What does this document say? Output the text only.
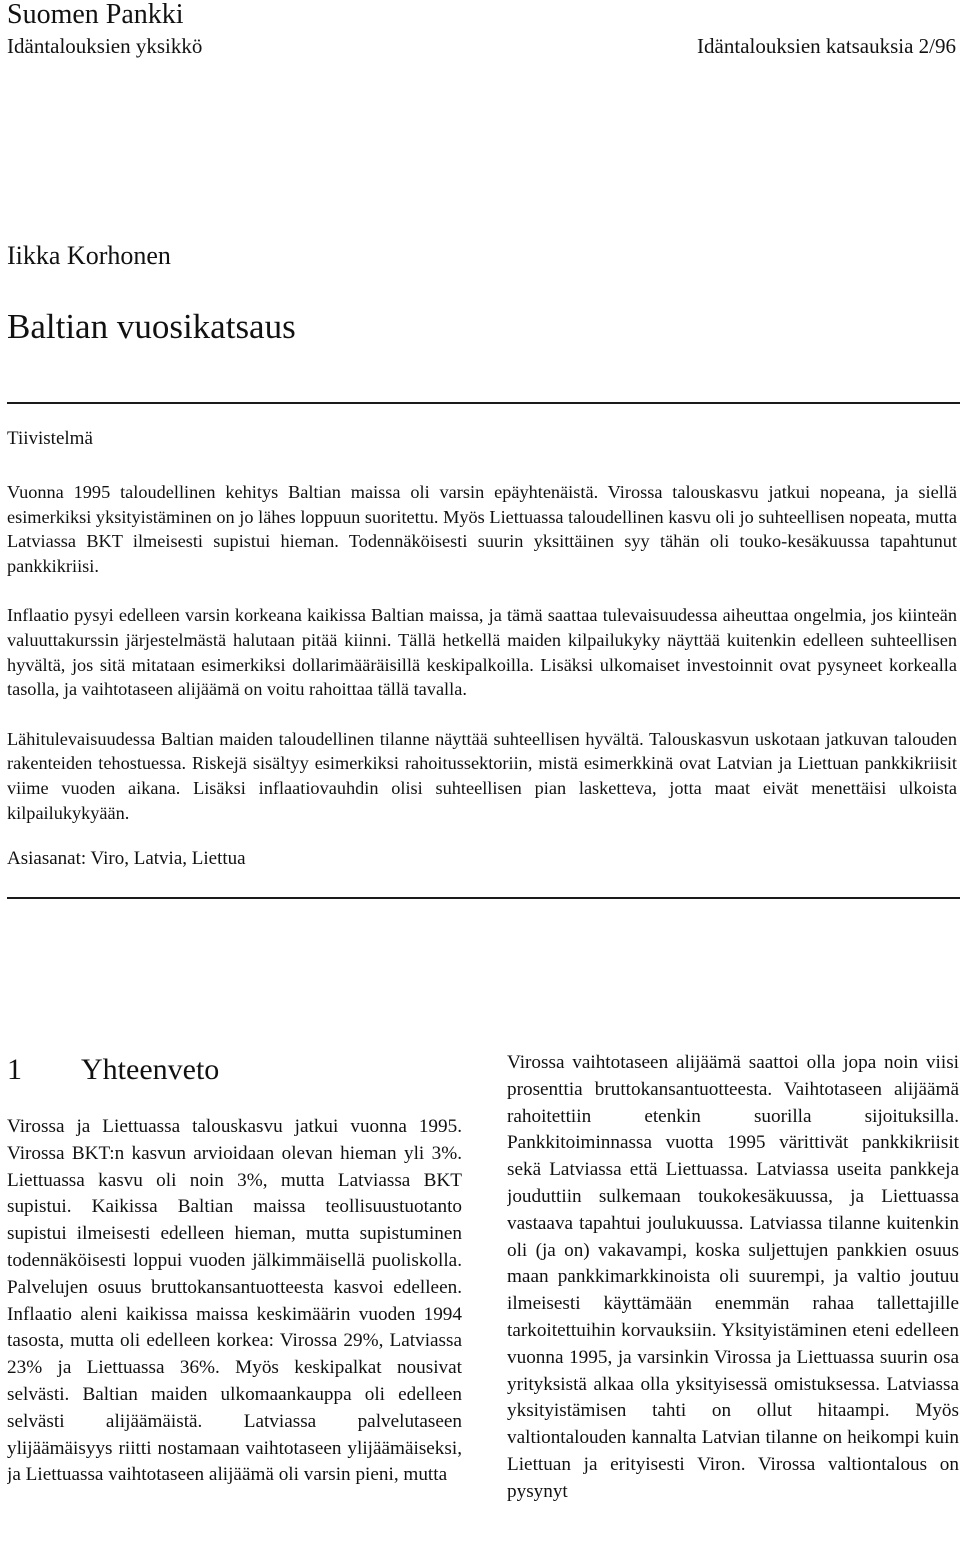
Suomen Pankki
Idäntalouksien yksikkö	Idäntalouksien katsauksia 2/96
Iikka Korhonen
Baltian vuosikatsaus
Tiivistelmä

Vuonna 1995 taloudellinen kehitys Baltian maissa oli varsin epäyhtenäistä. Virossa talouskasvu jatkui nopeana, ja siellä esimerkiksi yksityistäminen on jo lähes loppuun suoritettu. Myös Liettuassa taloudellinen kasvu oli jo suhteellisen nopeata, mutta Latviassa BKT ilmeisesti supistui hieman. Todennäköisesti suurin yksittäinen syy tähän oli touko-kesäkuussa tapahtunut pankkikriisi.

Inflaatio pysyi edelleen varsin korkeana kaikissa Baltian maissa, ja tämä saattaa tulevaisuudessa aiheuttaa ongelmia, jos kiinteän valuuttakurssin järjestelmästä halutaan pitää kiinni. Tällä hetkellä maiden kilpailukyky näyttää kuitenkin edelleen suhteellisen hyvältä, jos sitä mitataan esimerkiksi dollarimääräisillä keskipalkoilla. Lisäksi ulkomaiset investoinnit ovat pysyneet korkealla tasolla, ja vaihtotaseen alijäämä on voitu rahoittaa tällä tavalla.

Lähitulevaisuudessa Baltian maiden taloudellinen tilanne näyttää suhteellisen hyvältä. Talouskasvun uskotaan jatkuvan talouden rakenteiden tehostuessa. Riskejä sisältyy esimerkiksi rahoitussektoriin, mistä esimerkkinä ovat Latvian ja Liettuan pankkikriisit viime vuoden aikana. Lisäksi inflaatiovauhdin olisi suhteellisen pian lasketteva, jotta maat eivät menettäisi ulkoista kilpailukykyään.

Asiasanat: Viro, Latvia, Liettua
1 Yhteenveto

Virossa ja Liettuassa talouskasvu jatkui vuonna 1995. Virossa BKT:n kasvun arvioidaan olevan hieman yli 3%. Liettuassa kasvu oli noin 3%, mutta Latviassa BKT supistui. Kaikissa Baltian maissa teollisuustuotanto supistui ilmeisesti edelleen hieman, mutta supistuminen todennäköisesti loppui vuoden jälkimmäisellä puoliskolla. Palvelujen osuus bruttokansantuotteesta kasvoi edelleen. Inflaatio aleni kaikissa maissa keskimäärin vuoden 1994 tasosta, mutta oli edelleen korkea: Virossa 29%, Latviassa 23% ja Liettuassa 36%. Myös keskipalkat nousivat selvästi. Baltian maiden ulkomaankauppa oli edelleen selvästi alijäämäistä. Latviassa palvelutaseen ylijäämäisyys riitti nostamaan vaihtotaseen ylijäämäiseksi, ja Liettuassa vaihtotaseen alijäämä oli varsin pieni, mutta

Virossa vaihtotaseen alijäämä saattoi olla jopa noin viisi prosenttia bruttokansantuotteesta. Vaihtotaseen alijäämä rahoitettiin etenkin suorilla sijoituksilla. Pankkitoiminnassa vuotta 1995 värittivät pankkikriisit sekä Latviassa että Liettuassa. Latviassa useita pankkeja jouduttiin sulkemaan toukokesäkuussa, ja Liettuassa vastaava tapahtui joulukuussa. Latviassa tilanne kuitenkin oli (ja on) vakavampi, koska suljettujen pankkien osuus maan pankkimarkkinoista oli suurempi, ja valtio joutuu ilmeisesti käyttämään enemmän rahaa tallettajille tarkoitettuihin korvauksiin. Yksityistäminen eteni edelleen vuonna 1995, ja varsinkin Virossa ja Liettuassa suurin osa yrityksistä alkaa olla yksityisessä omistuksessa. Latviassa yksityistämisen tahti on ollut hitaampi. Myös valtiontalouden kannalta Latvian tilanne on heikompi kuin Liettuan ja erityisesti Viron. Virossa valtiontalous on pysynyt
